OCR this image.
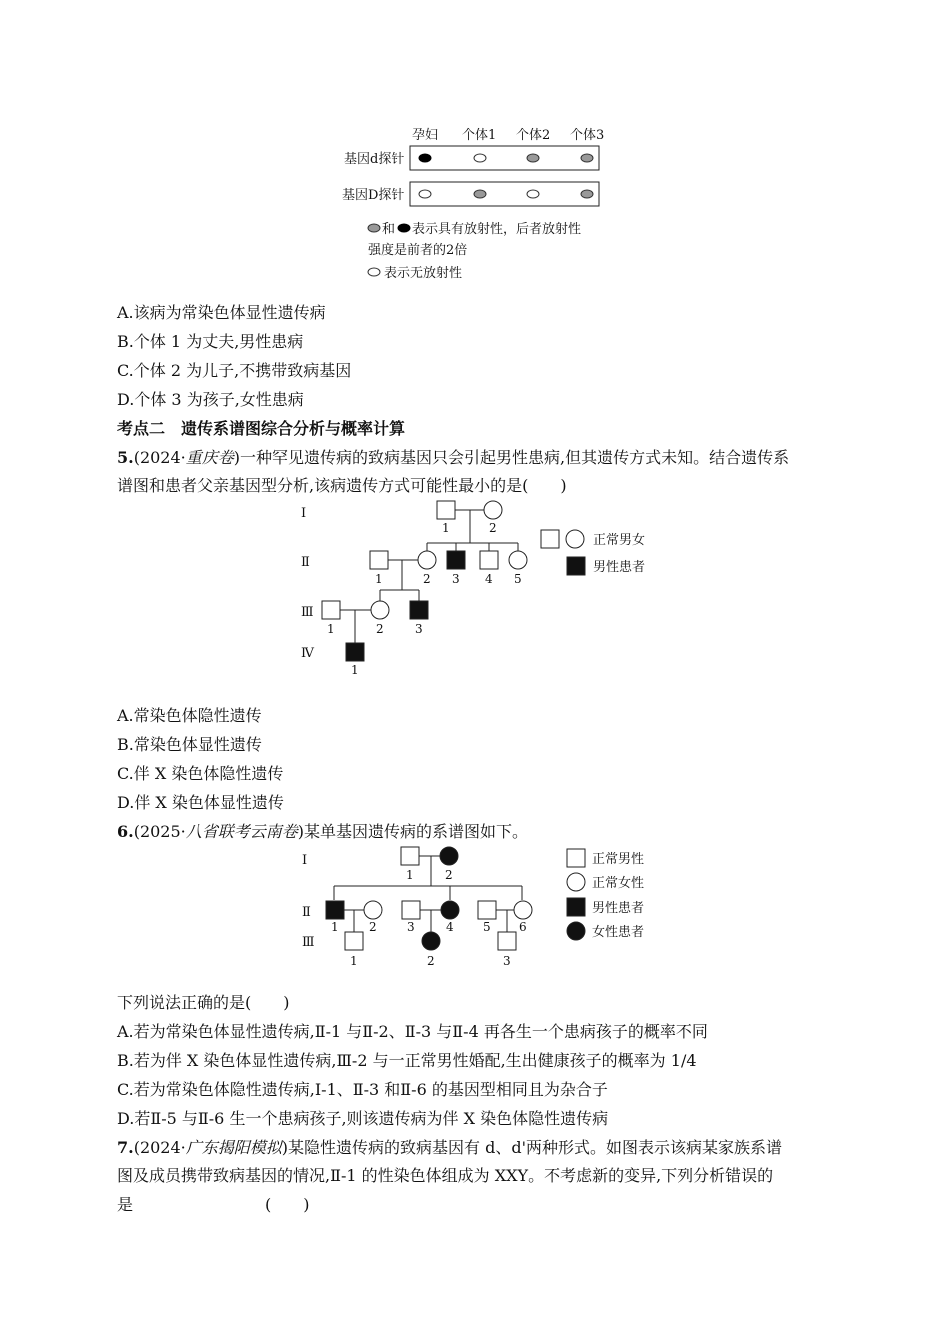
孕妇 个体1 个体2 个体3
基因d探针
基因D探针
和 表示具有放射性，后者放射性
强度是前者的2倍
表示无放射性
A.该病为常染色体显性遗传病
B.个体 1 为丈夫,男性患病
C.个体 2 为儿子,不携带致病基因
D.个体 3 为孩子,女性患病
考点二　遗传系谱图综合分析与概率计算
5.(2024·重庆卷)一种罕见遗传病的致病基因只会引起男性患病,但其遗传方式未知。结合遗传系
谱图和患者父亲基因型分析,该病遗传方式可能性最小的是(　　)
Ⅰ
Ⅱ
Ⅲ
Ⅳ
1	2
1	2 3 4 5
1	2	3
1
正常男女
男性患者
A.常染色体隐性遗传
B.常染色体显性遗传
C.伴 X 染色体隐性遗传
D.伴 X 染色体显性遗传
6.(2025·八省联考云南卷)某单基因遗传病的系谱图如下。
Ⅰ
Ⅱ
Ⅲ
1	2
1	2	3	4 5 6
1	2	3
正常男性
正常女性
男性患者
女性患者
下列说法正确的是(　　)
A.若为常染色体显性遗传病,Ⅱ-1 与Ⅱ-2、Ⅱ-3 与Ⅱ-4 再各生一个患病孩子的概率不同
B.若为伴 X 染色体显性遗传病,Ⅲ-2 与一正常男性婚配,生出健康孩子的概率为 1/4
C.若为常染色体隐性遗传病,Ⅰ-1、Ⅱ-3 和Ⅱ-6 的基因型相同且为杂合子
D.若Ⅱ-5 与Ⅱ-6 生一个患病孩子,则该遗传病为伴 X 染色体隐性遗传病
7.(2024·广东揭阳模拟)某隐性遗传病的致病基因有 d、d'两种形式。如图表示该病某家族系谱
图及成员携带致病基因的情况,Ⅱ-1 的性染色体组成为 XXY。不考虑新的变异,下列分析错误的
是	(　　)
